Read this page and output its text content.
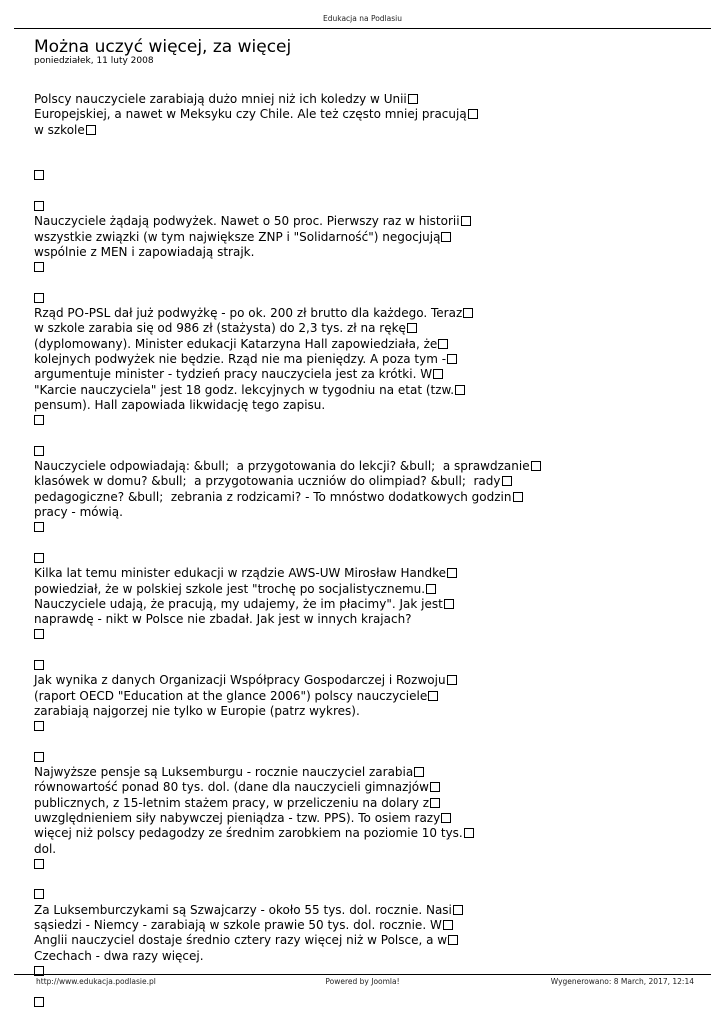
Edukacja na Podlasiu
Można uczyć więcej, za więcej
poniedziałek, 11 luty 2008
Polscy nauczyciele zarabiają dużo mniej niż ich koledzy w Unii
Europejskiej, a nawet w Meksyku czy Chile. Ale też często mniej pracują
w szkole
Nauczyciele żądają podwyżek. Nawet o 50 proc. Pierwszy raz w historii
wszystkie związki (w tym największe ZNP i "Solidarność") negocjują
wspólnie z MEN i zapowiadają strajk.
Rząd PO-PSL dał już podwyżkę - po ok. 200 zł brutto dla każdego. Teraz
w szkole zarabia się od 986 zł (stażysta) do 2,3 tys. zł na rękę
(dyplomowany). Minister edukacji Katarzyna Hall zapowiedziała, że
kolejnych podwyżek nie będzie. Rząd nie ma pieniędzy. A poza tym -
argumentuje minister - tydzień pracy nauczyciela jest za krótki. W
"Karcie nauczyciela" jest 18 godz. lekcyjnych w tygodniu na etat (tzw.
pensum). Hall zapowiada likwidację tego zapisu.
Nauczyciele odpowiadają: &bull;  a przygotowania do lekcji? &bull;  a sprawdzanie
klasówek w domu? &bull;  a przygotowania uczniów do olimpiad? &bull;  rady
pedagogiczne? &bull;  zebrania z rodzicami? - To mnóstwo dodatkowych godzin
pracy - mówią.
Kilka lat temu minister edukacji w rządzie AWS-UW Mirosław Handke
powiedział, że w polskiej szkole jest "trochę po socjalistycznemu.
Nauczyciele udają, że pracują, my udajemy, że im płacimy". Jak jest
naprawdę - nikt w Polsce nie zbadał. Jak jest w innych krajach?
Jak wynika z danych Organizacji Współpracy Gospodarczej i Rozwoju
(raport OECD "Education at the glance 2006") polscy nauczyciele
zarabiają najgorzej nie tylko w Europie (patrz wykres).
Najwyższe pensje są Luksemburgu - rocznie nauczyciel zarabia
równowartość ponad 80 tys. dol. (dane dla nauczycieli gimnazjów
publicznych, z 15-letnim stażem pracy, w przeliczeniu na dolary z
uwzględnieniem siły nabywczej pieniądza - tzw. PPS). To osiem razy
więcej niż polscy pedagodzy ze średnim zarobkiem na poziomie 10 tys.
dol.
Za Luksemburczykami są Szwajcarzy - około 55 tys. dol. rocznie. Nasi
sąsiedzi - Niemcy - zarabiają w szkole prawie 50 tys. dol. rocznie. W
Anglii nauczyciel dostaje średnio cztery razy więcej niż w Polsce, a w
Czechach - dwa razy więcej.
http://www.edukacja.podlasie.pl	Powered by Joomla!	Wygenerowano: 8 March, 2017, 12:14
